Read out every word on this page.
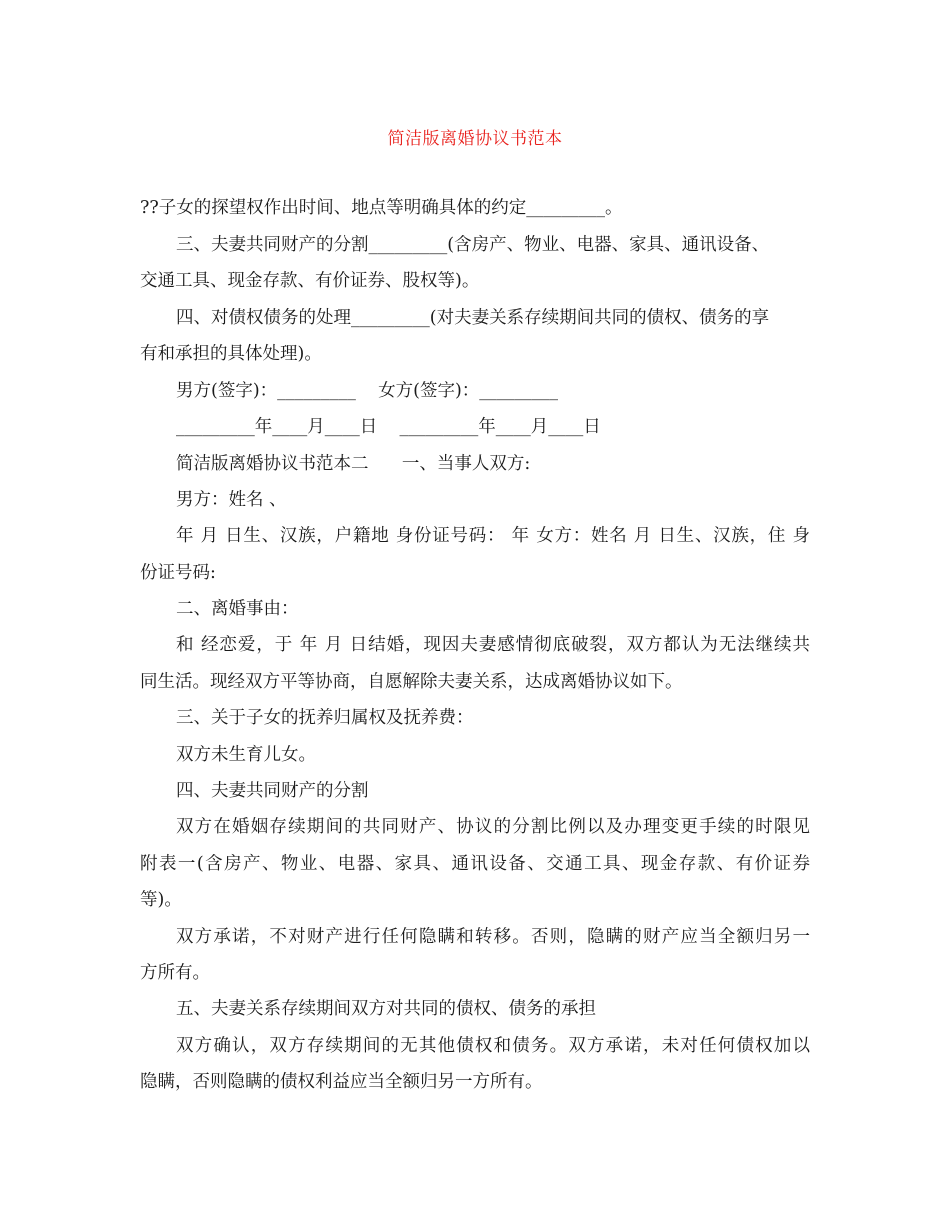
简洁版离婚协议书范本
??子女的探望权作出时间、地点等明确具体的约定_________。
三、夫妻共同财产的分割_________(含房产、物业、电器、家具、通讯设备、
交通工具、现金存款、有价证券、股权等)。
四、对债权债务的处理_________(对夫妻关系存续期间共同的债权、债务的享
有和承担的具体处理)。
男方(签字)：_________    女方(签字)：_________
_________年____月____日    _________年____月____日
简洁版离婚协议书范本二      一、当事人双方:
男方：姓名 、
年 月 日生、汉族，户籍地 身份证号码： 年 女方：姓名 月 日生、汉族，住 身
份证号码:
二、离婚事由：
和 经恋爱，于 年 月 日结婚，现因夫妻感情彻底破裂，双方都认为无法继续共
同生活。现经双方平等协商，自愿解除夫妻关系，达成离婚协议如下。
三、关于子女的抚养归属权及抚养费：
双方未生育儿女。
四、夫妻共同财产的分割
双方在婚姻存续期间的共同财产、协议的分割比例以及办理变更手续的时限见
附表一(含房产、物业、电器、家具、通讯设备、交通工具、现金存款、有价证券
等)。
双方承诺，不对财产进行任何隐瞒和转移。否则，隐瞒的财产应当全额归另一
方所有。
五、夫妻关系存续期间双方对共同的债权、债务的承担
双方确认，双方存续期间的无其他债权和债务。双方承诺，未对任何债权加以
隐瞒，否则隐瞒的债权利益应当全额归另一方所有。
